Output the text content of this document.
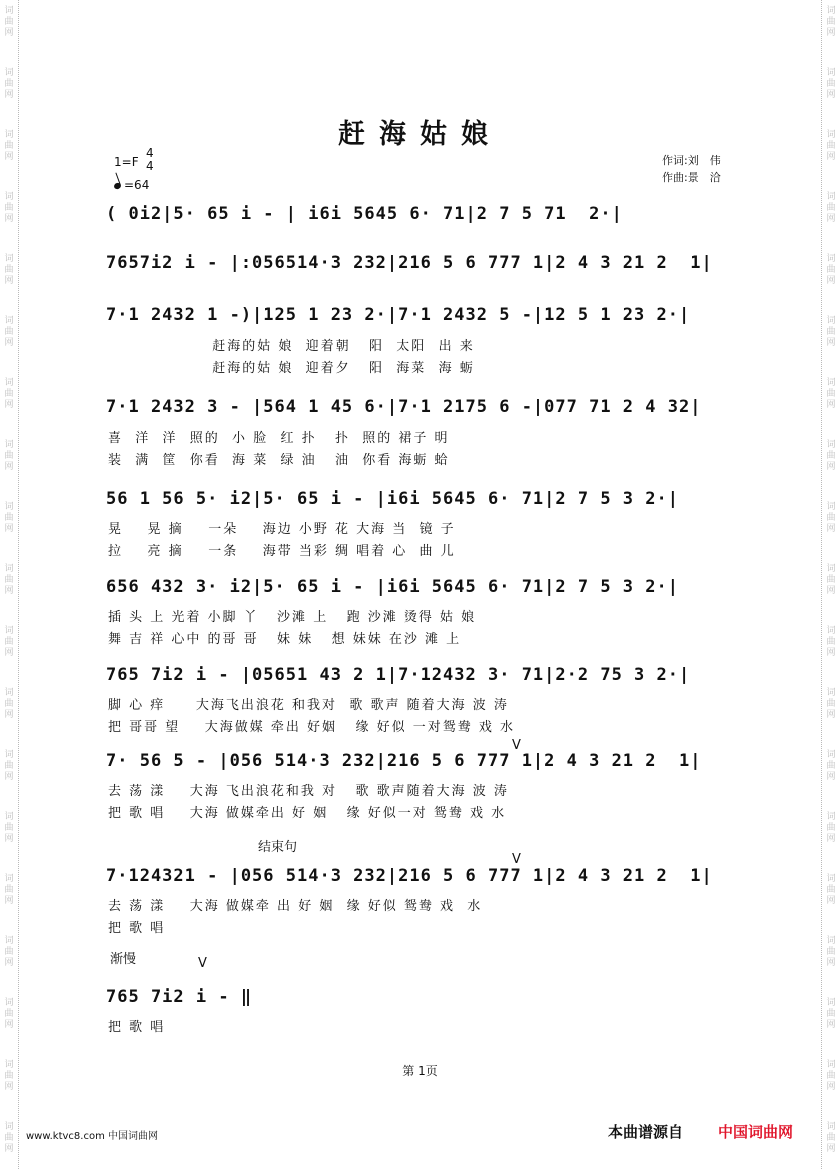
词
曲
网
词
曲
网
词
曲
网
词
曲
网
词
曲
网
词
曲
网
词
曲
网
词
曲
网
词
曲
网
词
曲
网
词
曲
网
词
曲
网
词
曲
网
词
曲
网
词
曲
网
词
曲
网
词
曲
网
词
曲
网
词
曲
网
词
曲
网
词
曲
网
词
曲
网
词
曲
网
词
曲
网
词
曲
网
词
曲
网
词
曲
网
词
曲
网
词
曲
网
词
曲
网
词
曲
网
词
曲
网
词
曲
网
词
曲
网
词
曲
网
词
曲
网
词
曲
网
词
曲
网
赶海姑娘
1=F
4
4
=64
作词:刘　伟
作曲:景　洽
( 0i2|5· 65 i - | i6i 5645 6· 71|2 7 5 71  2·|
7657i2 i - |:056514·3 232|216 5 6 777 1|2 4 3 21 2  1|
7·1 2432 1 -)|125 1 23 2·|7·1 2432 5 -|12 5 1 23 2·|
赶海的姑 娘  迎着朝   阳  太阳  出 来
赶海的姑 娘  迎着夕   阳  海菜  海 蛎
7·1 2432 3 - |564 1 45 6·|7·1 2175 6 -|077 71 2 4 32|
喜  洋  洋  照的  小 脸  红 扑   扑  照的 裙子 明
装  满  筐  你看  海 菜  绿 油   油  你看 海蛎 蛤
56 1 56 5· i2|5· 65 i - |i6i 5645 6· 71|2 7 5 3 2·|
晃    晃 摘    一朵    海边 小野 花 大海 当  镜 子
拉    亮 摘    一条    海带 当彩 绸 唱着 心  曲 儿
656 432 3· i2|5· 65 i - |i6i 5645 6· 71|2 7 5 3 2·|
插 头 上 光着 小脚 丫   沙滩 上   跑 沙滩 烫得 姑 娘
舞 吉 祥 心中 的哥 哥   妹 妹   想 妹妹 在沙 滩 上
765 7i2 i - |05651 43 2 1|7·12432 3· 71|2·2 75 3 2·|
脚 心 痒     大海飞出浪花 和我对  歌 歌声 随着大海 波 涛
把 哥哥 望    大海做媒 牵出 好姻   缘 好似 一对鸳鸯 戏 水
V
7· 56 5 - |056 514·3 232|216 5 6 777 1|2 4 3 21 2  1|
去 荡 漾    大海 飞出浪花和我 对   歌 歌声随着大海 波 涛
把 歌 唱    大海 做媒牵出 好 姻   缘 好似一对 鸳鸯 戏 水
结束句
V
7·124321 - |056 514·3 232|216 5 6 777 1|2 4 3 21 2  1|
去 荡 漾    大海 做媒牵 出 好 姻  缘 好似 鸳鸯 戏  水
把 歌 唱
渐慢	V
765 7i2 i - ‖
把 歌 唱
第 1页
www.ktvc8.com 中国词曲网	本曲谱源自 中国词曲网
